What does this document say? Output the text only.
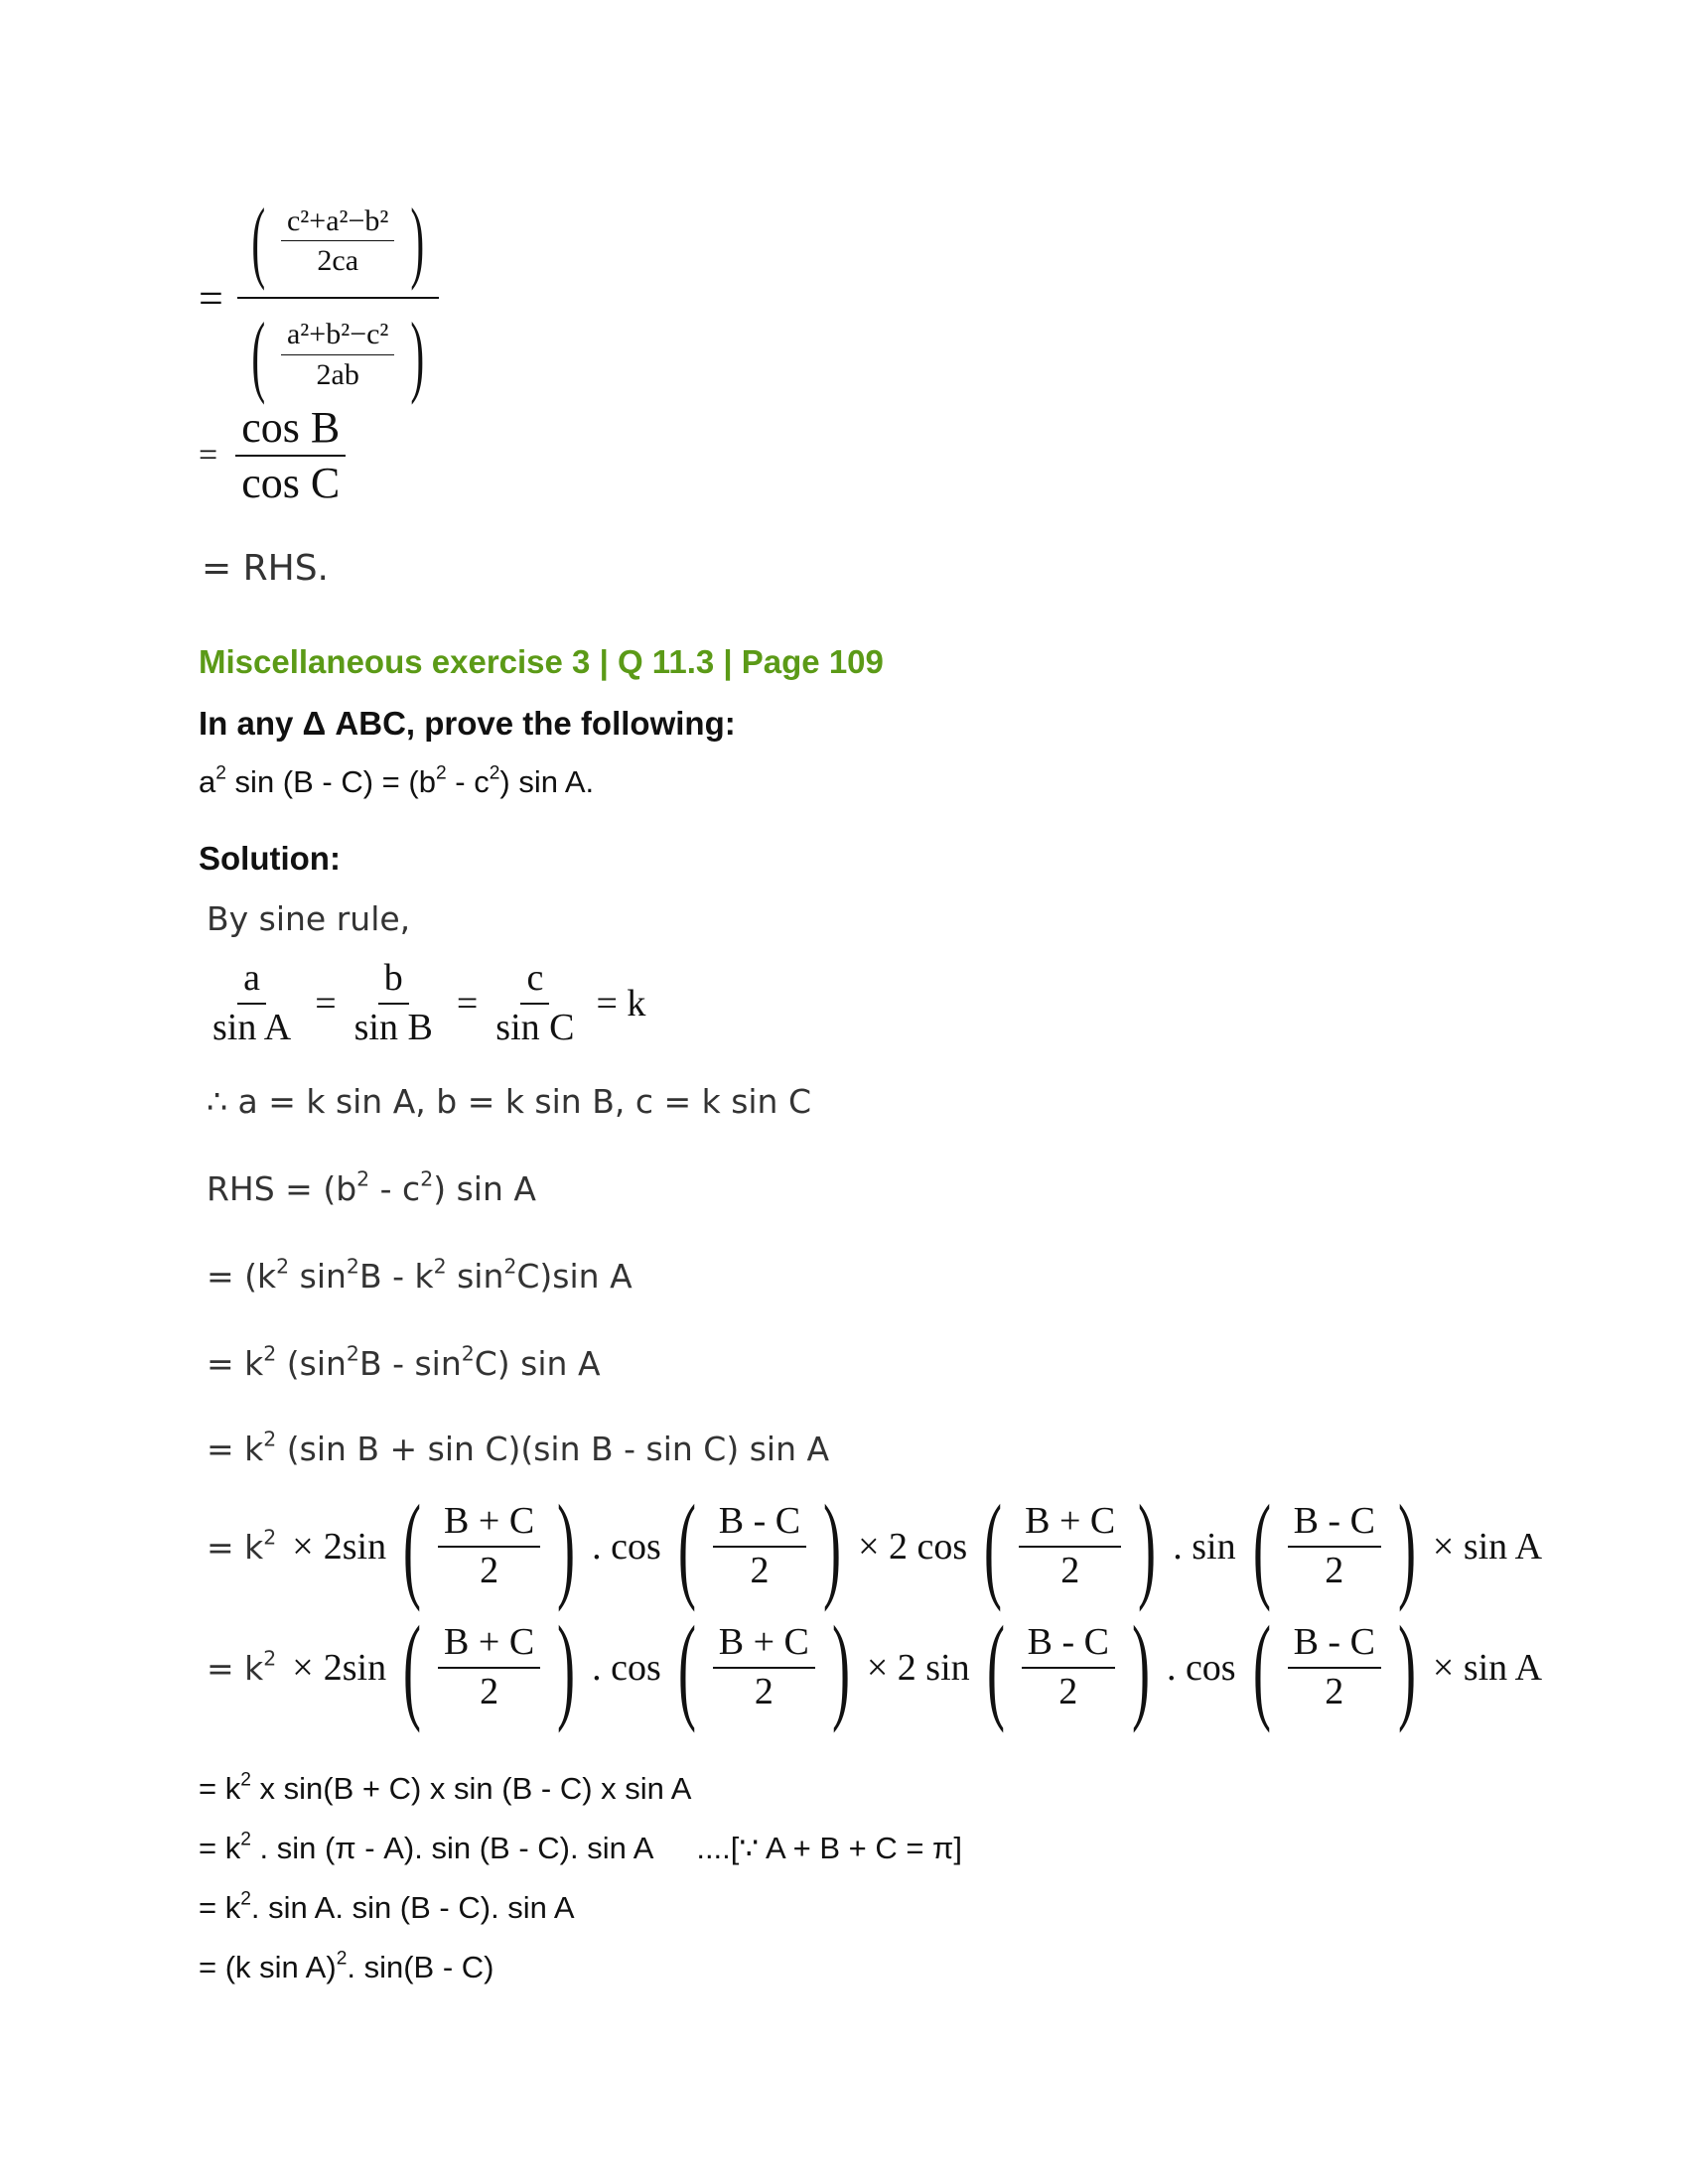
= $\frac{( \frac{\text{c²+a²−b²}}{2ca} )}{( \frac{\text{a²+b²−c²}}{2ab} )}$
= $\frac{\text{cos B}}{\text{cos C}}$
= RHS.
Miscellaneous exercise 3 | Q 11.3 | Page 109
In any Δ ABC, prove the following:
$a^2$ $\sin (B - C) = (b^2 - c^2)$ sin A.
Solution:
By sine rule,
$\frac{a}{\text{sin A}} = \frac{b}{\text{sin B}} = \frac{c}{\text{sin C}} = k$
∴ a = k sin A, b = k sin B, c = k sin C
RHS = $(b^2 - c^2)$ sin A
= ($k^2$ $\sin^2B - k^2$ $\sin^2C)\sin$ A
= $k^2$ $(\sin^2B - \sin^2C)$ sin A
= $k^2$ (sin B + sin C)(sin B - sin C) sin A
= $k^2 \times 2\sin$ ( $\frac{B + C}{2}$ ) . cos ( $\frac{B - C}{2}$ ) × 2 cos ( $\frac{B + C}{2}$ ) . sin ( $\frac{B - C}{2}$ ) × sin A
= $k^2 \times 2\sin$ ( $\frac{B + C}{2}$ ) . cos ( $\frac{B + C}{2}$ ) × 2 sin ( $\frac{B - C}{2}$ ) . cos ( $\frac{B - C}{2}$ ) × sin A
= $k^2$ x sin(B + C) x sin (B - C) x sin A
= $k^2$ . sin (π - A). sin (B - C). sin A ....[∵ A + B + C = π]
= $k^2$. sin A. sin (B - C). sin A
= (k sin A)$^2$. sin(B - C)
